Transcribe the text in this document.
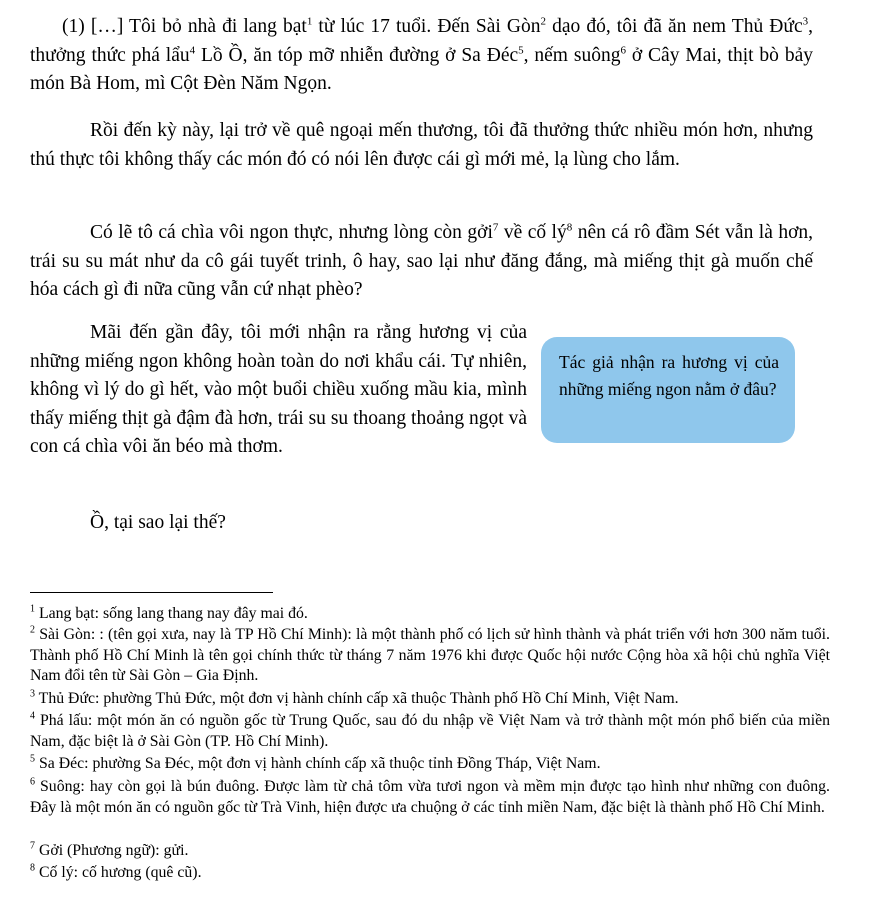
(1) […] Tôi bỏ nhà đi lang bạt$^1$ từ lúc 17 tuổi. Đến Sài Gòn$^2$ dạo đó, tôi đã ăn nem Thủ Đức$^3$, thưởng thức phá lẩu$^4$ Lồ Ồ, ăn tóp mỡ nhiễn đường ở Sa Đéc$^5$, nếm suông$^6$ ở Cây Mai, thịt bò bảy món Bà Hom, mì Cột Đèn Năm Ngọn.

Rồi đến kỳ này, lại trở về quê ngoại mến thương, tôi đã thưởng thức nhiều món hơn, nhưng thú thực tôi không thấy các món đó có nói lên được cái gì mới mẻ, lạ lùng cho lắm.

Có lẽ tô cá chìa vôi ngon thực, nhưng lòng còn gởi$^7$ về cố $lý^8$ nên cá rô đầm Sét vẫn là hơn, trái su su mát như da cô gái tuyết trinh, ô hay, sao lại như đăng đắng, mà miếng thịt gà muốn chế hóa cách gì đi nữa cũng vẫn cứ nhạt phèo?

Mãi đến gần đây, tôi mới nhận ra rằng hương vị của những miếng ngon không hoàn toàn do nơi khẩu cái. Tự nhiên, không vì lý do gì hết, vào một buổi chiều xuống mầu kia, mình thấy miếng thịt gà đậm đà hơn, trái su su thoang thoảng ngọt và con cá chìa vôi ăn béo mà thơm.

Tác giả nhận ra hương vị của những miếng ngon nằm ở đâu?

Ồ, tại sao lại thế?

$^1$ Lang bạt: sống lang thang nay đây mai đó.

$^2$ Sài Gòn: : (tên gọi xưa, nay là TP Hồ Chí Minh): là một thành phố có lịch sử hình thành và phát triển với hơn 300 năm tuổi. Thành phố Hồ Chí Minh là tên gọi chính thức từ tháng 7 năm 1976 khi được Quốc hội nước Cộng hòa xã hội chủ nghĩa Việt Nam đổi tên từ Sài Gòn – Gia Định.

$^3$ Thủ Đức: phường Thủ Đức, một đơn vị hành chính cấp xã thuộc Thành phố Hồ Chí Minh, Việt Nam.

$^4$ Phá lấu: một món ăn có nguồn gốc từ Trung Quốc, sau đó du nhập về Việt Nam và trở thành một món phổ biến của miền Nam, đặc biệt là ở Sài Gòn (TP. Hồ Chí Minh).

$^5$ Sa Đéc: phường Sa Đéc, một đơn vị hành chính cấp xã thuộc tỉnh Đồng Tháp, Việt Nam.

$^6$ Suông: hay còn gọi là bún đuông. Được làm từ chả tôm vừa tươi ngon và mềm mịn được tạo hình như những con đuông. Đây là một món ăn có nguồn gốc từ Trà Vinh, hiện được ưa chuộng ở các tỉnh miền Nam, đặc biệt là thành phố Hồ Chí Minh.

$^7$ Gởi (Phương ngữ): gửi.

$^8$ Cố lý: cố hương (quê cũ).
